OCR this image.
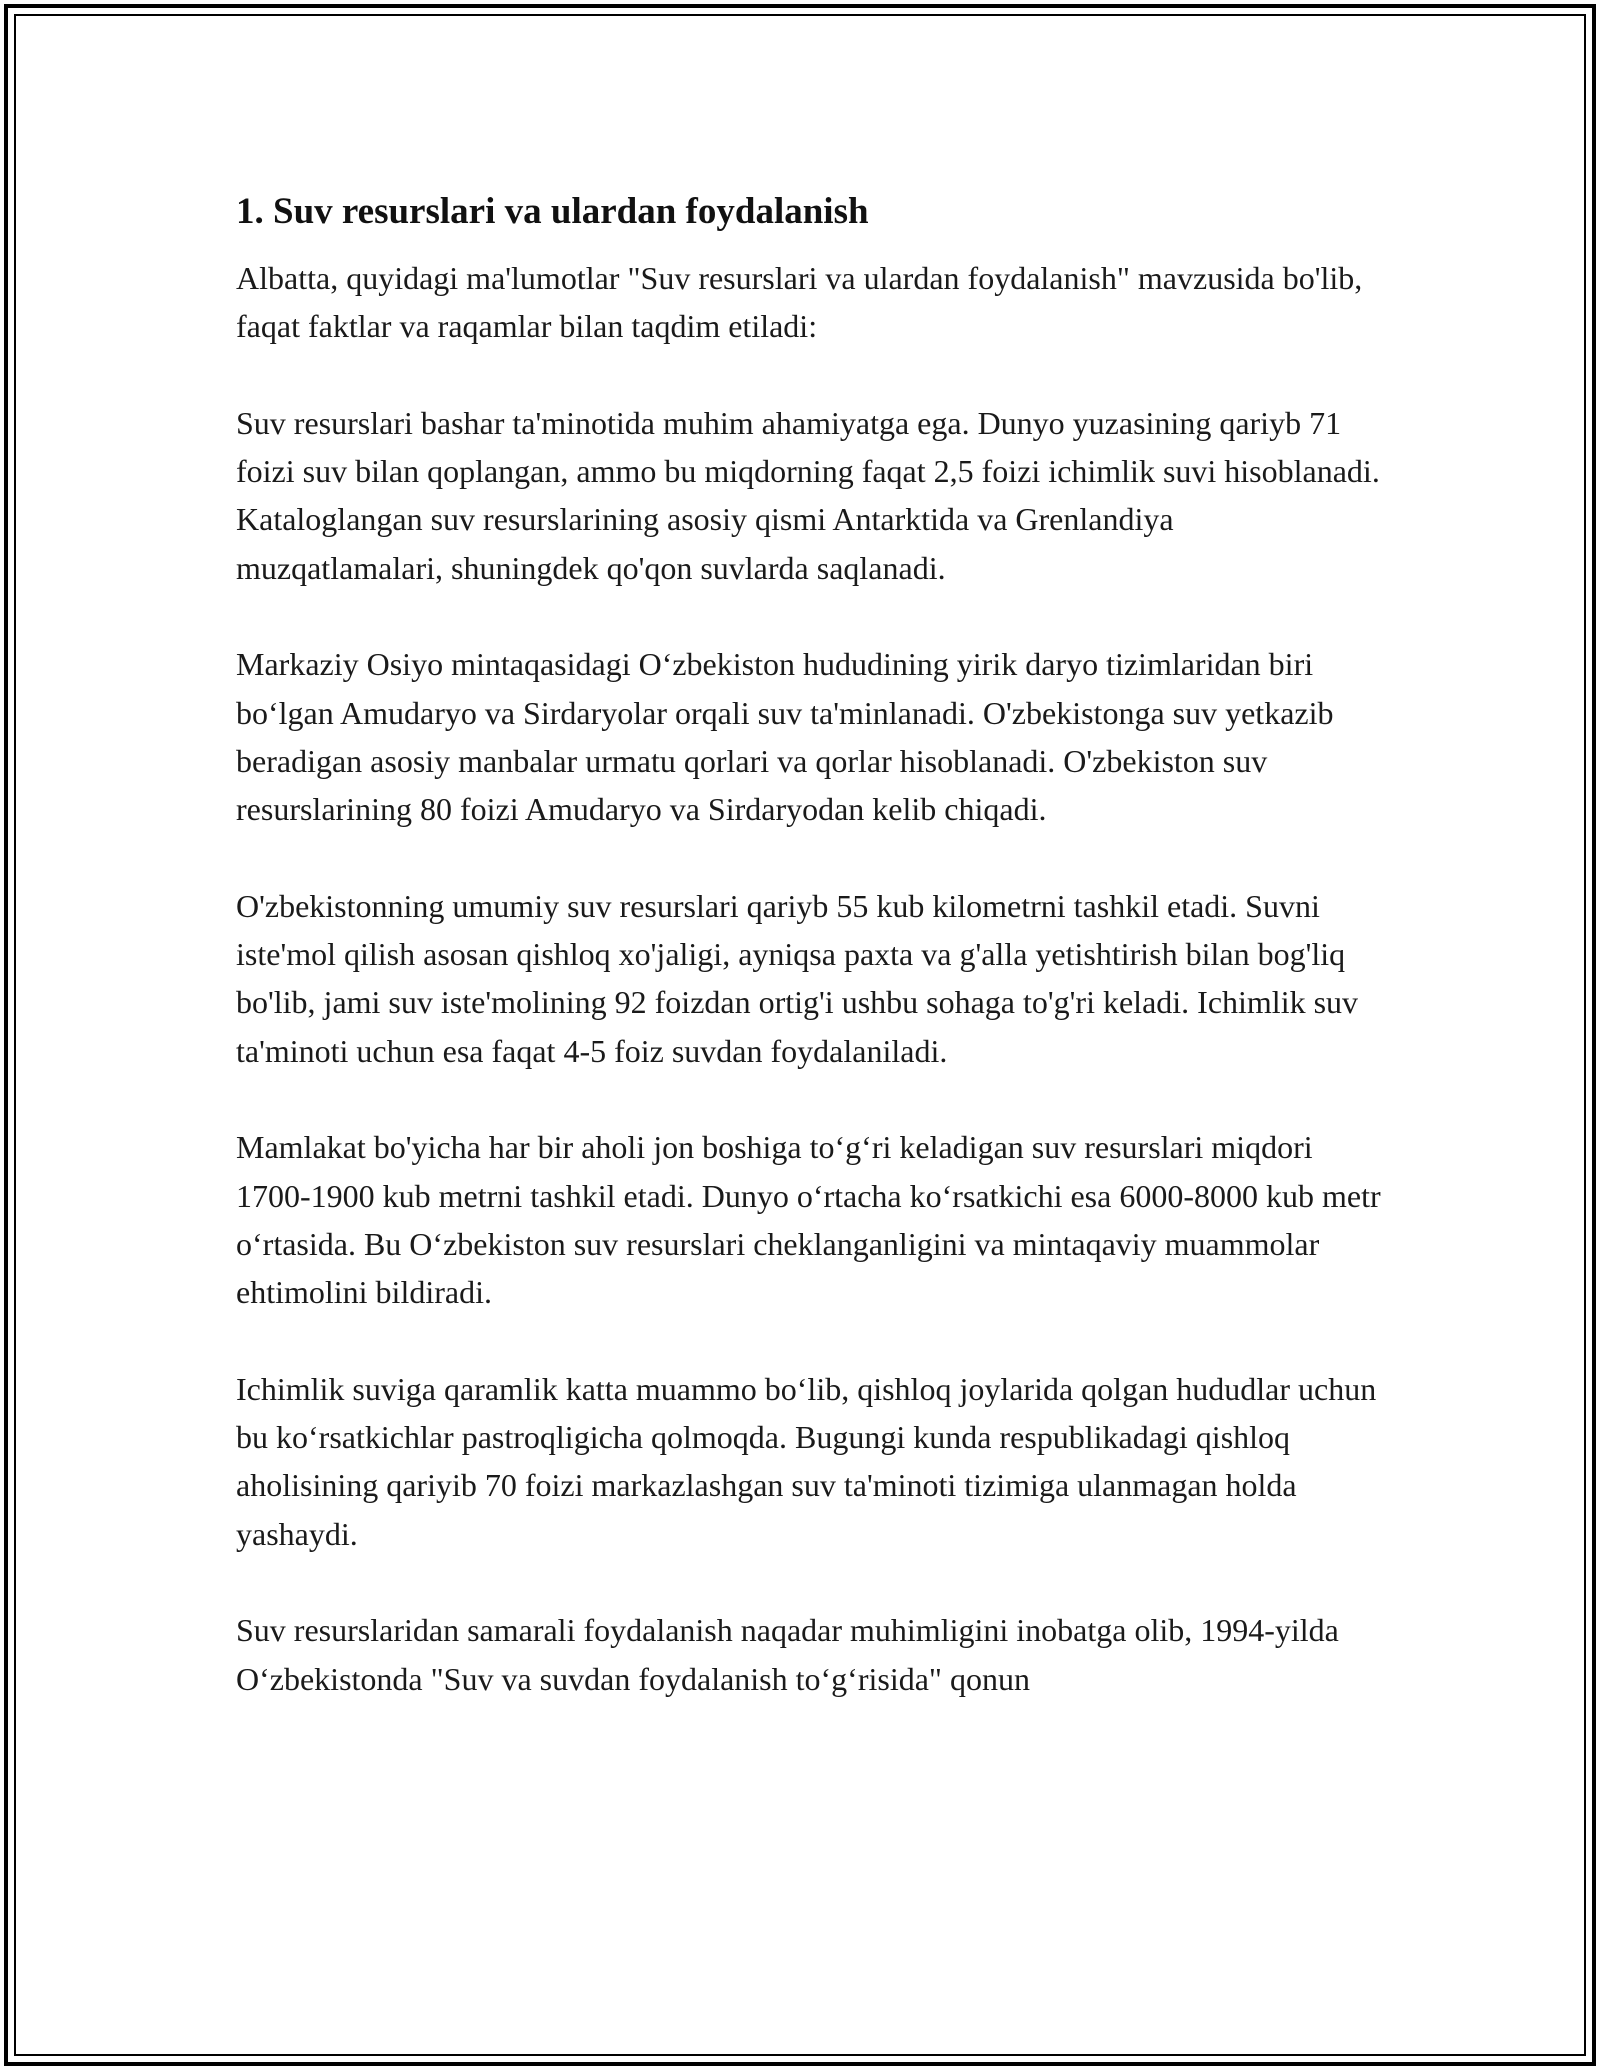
1. Suv resurslari va ulardan foydalanish

Albatta, quyidagi ma'lumotlar "Suv resurslari va ulardan foydalanish" mavzusida bo'lib, faqat faktlar va raqamlar bilan taqdim etiladi:

Suv resurslari bashar ta'minotida muhim ahamiyatga ega. Dunyo yuzasining qariyb 71 foizi suv bilan qoplangan, ammo bu miqdorning faqat 2,5 foizi ichimlik suvi hisoblanadi. Kataloglangan suv resurslarining asosiy qismi Antarktida va Grenlandiya muzqatlamalari, shuningdek qo'qon suvlarda saqlanadi.

Markaziy Osiyo mintaqasidagi O‘zbekiston hududining yirik daryo tizimlaridan biri bo‘lgan Amudaryo va Sirdaryolar orqali suv ta'minlanadi. O'zbekistonga suv yetkazib beradigan asosiy manbalar urmatu qorlari va qorlar hisoblanadi. O'zbekiston suv resurslarining 80 foizi Amudaryo va Sirdaryodan kelib chiqadi.

O'zbekistonning umumiy suv resurslari qariyb 55 kub kilometrni tashkil etadi. Suvni iste'mol qilish asosan qishloq xo'jaligi, ayniqsa paxta va g'alla yetishtirish bilan bog'liq bo'lib, jami suv iste'molining 92 foizdan ortig'i ushbu sohaga to'g'ri keladi. Ichimlik suv ta'minoti uchun esa faqat 4-5 foiz suvdan foydalaniladi.

Mamlakat bo'yicha har bir aholi jon boshiga to‘g‘ri keladigan suv resurslari miqdori 1700-1900 kub metrni tashkil etadi. Dunyo o‘rtacha ko‘rsatkichi esa 6000-8000 kub metr o‘rtasida. Bu O‘zbekiston suv resurslari cheklanganligini va mintaqaviy muammolar ehtimolini bildiradi.

Ichimlik suviga qaramlik katta muammo bo‘lib, qishloq joylarida qolgan hududlar uchun bu ko‘rsatkichlar pastroqligicha qolmoqda. Bugungi kunda respublikadagi qishloq aholisining qariyib 70 foizi markazlashgan suv ta'minoti tizimiga ulanmagan holda yashaydi.

Suv resurslaridan samarali foydalanish naqadar muhimligini inobatga olib, 1994-yilda O‘zbekistonda "Suv va suvdan foydalanish to‘g‘risida" qonun
